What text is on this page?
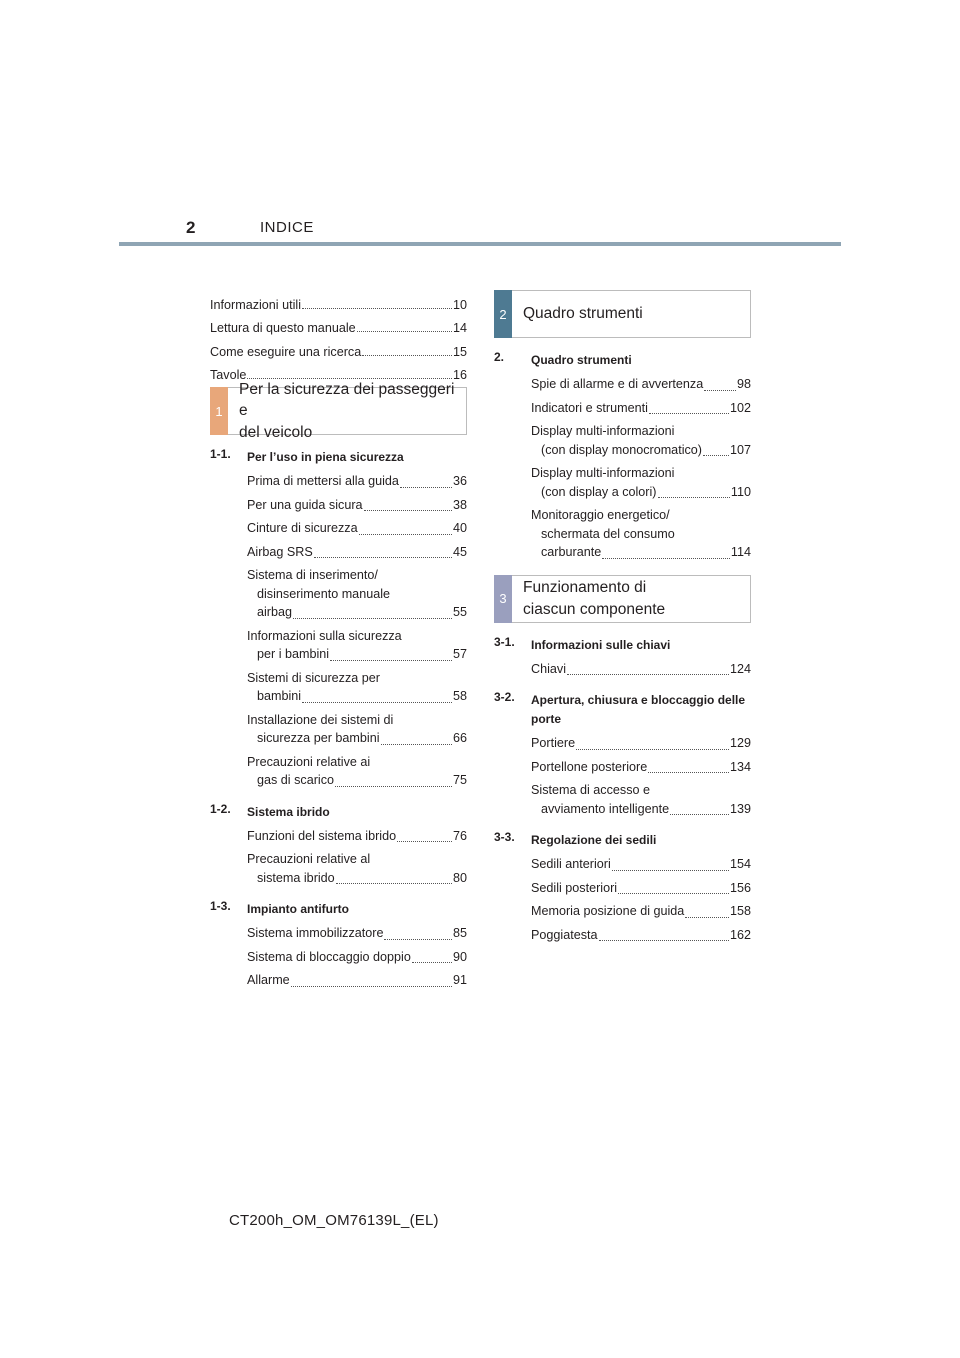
2	INDICE
Informazioni utili	10
Lettura di questo manuale	14
Come eseguire una ricerca	15
Tavole	16
1
Per la sicurezza dei passeggeri e
del veicolo
1-1.	Per l’uso in piena sicurezza
Prima di mettersi alla guida	36
Per una guida sicura	38
Cinture di sicurezza	40
Airbag SRS	45
Sistema di inserimento/
disinserimento manuale
airbag	55
Informazioni sulla sicurezza
per i bambini	57
Sistemi di sicurezza per
bambini	58
Installazione dei sistemi di
sicurezza per bambini	66
Precauzioni relative ai
gas di scarico	75
1-2.	Sistema ibrido
Funzioni del sistema ibrido	76
Precauzioni relative al
sistema ibrido	80
1-3.	Impianto antifurto
Sistema immobilizzatore	85
Sistema di bloccaggio doppio	90
Allarme	91
2	Quadro strumenti
2.	Quadro strumenti
Spie di allarme e di avvertenza	98
Indicatori e strumenti	102
Display multi-informazioni
(con display monocromatico) 107
Display multi-informazioni
(con display a colori)	110
Monitoraggio energetico/
schermata del consumo
carburante	114
3
Funzionamento di
ciascun componente
3-1.	Informazioni sulle chiavi
Chiavi	124
3-2.	Apertura, chiusura e bloccaggio delle porte
Portiere	129
Portellone posteriore	134
Sistema di accesso e
avviamento intelligente	139
3-3.	Regolazione dei sedili
Sedili anteriori	154
Sedili posteriori	156
Memoria posizione di guida	158
Poggiatesta	162
CT200h_OM_OM76139L_(EL)
